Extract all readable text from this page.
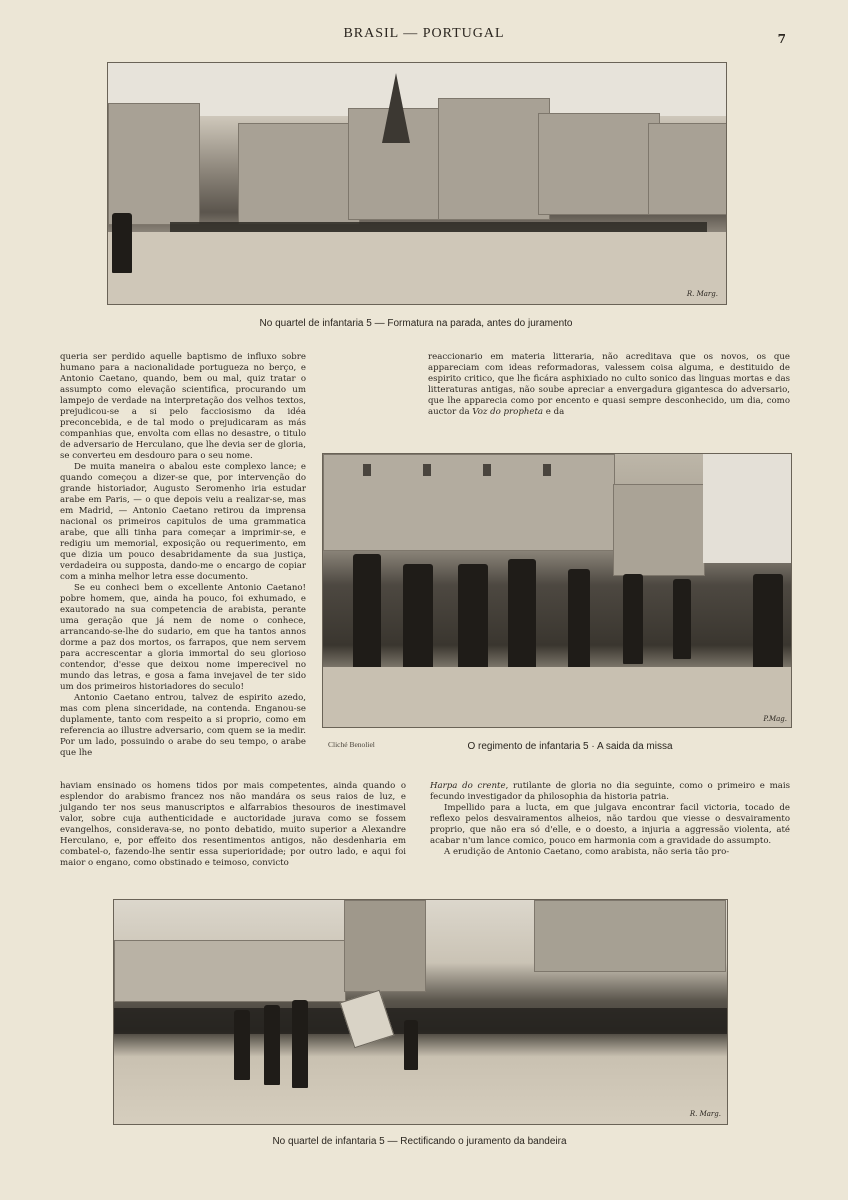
BRASIL — PORTUGAL	7
R. Marg.
No quartel de infantaria 5 — Formatura na parada, antes do juramento

queria ser perdido aquelle baptismo de influxo sobre humano para a nacionalidade portugueza no berço, e Antonio Caetano, quando, bem ou mal, quiz tratar o assumpto como elevação scientifica, procurando um lampejo de verdade na interpretação dos velhos textos, prejudicou-se a si pelo facciosismo da idéa preconcebida, e de tal modo o prejudicaram as más companhias que, envolta com ellas no desastre, o titulo de adversario de Herculano, que lhe devia ser de gloria, se converteu em desdouro para o seu nome.

De muita maneira o abalou este complexo lance; e quando começou a dizer-se que, por intervenção do grande historiador, Augusto Seromenho iria estudar arabe em Paris, — o que depois veiu a realizar-se, mas em Madrid, — Antonio Caetano retirou da imprensa nacional os primeiros capitulos de uma grammatica arabe, que alli tinha para começar a imprimir-se, e redigiu um memorial, exposição ou requerimento, em que dizia um pouco desabridamente da sua justiça, verdadeira ou supposta, dando-me o encargo de copiar com a minha melhor letra esse documento.

Se eu conheci bem o excellente Antonio Caetano! pobre homem, que, ainda ha pouco, foi exhumado, e exautorado na sua competencia de arabista, perante uma geração que já nem de nome o conhece, arrancando-se-lhe do sudario, em que ha tantos annos dorme a paz dos mortos, os farrapos, que nem servem para accrescentar a gloria immortal do seu glorioso contendor, d'esse que deixou nome imperecivel no mundo das letras, e gosa a fama invejavel de ter sido um dos primeiros historiadores do seculo!

Antonio Caetano entrou, talvez de espirito azedo, mas com plena sinceridade, na contenda. Enganou-se duplamente, tanto com respeito a si proprio, como em referencia ao illustre adversario, com quem se ia medir. Por um lado, possuindo o arabe do seu tempo, o arabe que lhe

reaccionario em materia litteraria, não acreditava que os novos, os que appareciam com ideas reformadoras, valessem coisa alguma, e destituido de espirito critico, que lhe ficára asphixiado no culto sonico das linguas mortas e das litteraturas antigas, não soube apreciar a envergadura gigantesca do adversario, que lhe apparecia como por encento e quasi sempre desconhecido, um dia, como auctor da Voz do propheta e da

P.Mag.
Cliché Benoliel	O regimento de infantaria 5 · A saida da missa

haviam ensinado os homens tidos por mais competentes, ainda quando o esplendor do arabismo francez nos não mandára os seus raios de luz, e julgando ter nos seus manuscriptos e alfarrabios thesouros de inestimavel valor, sobre cuja authenticidade e auctoridade jurava como se fossem evangelhos, considerava-se, no ponto debatido, muito superior a Alexandre Herculano, e, por effeito dos resentimentos antigos, não desdenharia em combatel-o, fazendo-lhe sentir essa superioridade; por outro lado, e aqui foi maior o engano, como obstinado e teimoso, convicto

Harpa do crente, rutilante de gloria no dia seguinte, como o primeiro e mais fecundo investigador da philosophia da historia patria.

Impellido para a lucta, em que julgava encontrar facil victoria, tocado de reflexo pelos desvairamentos alheios, não tardou que viesse o desvairamento proprio, que não era só d'elle, e o doesto, a injuria a aggressão violenta, até acabar n'um lance comico, pouco em harmonia com a gravidade do assumpto.

A erudição de Antonio Caetano, como arabista, não seria tão pro-

R. Marg.
No quartel de infantaria 5 — Rectificando o juramento da bandeira
